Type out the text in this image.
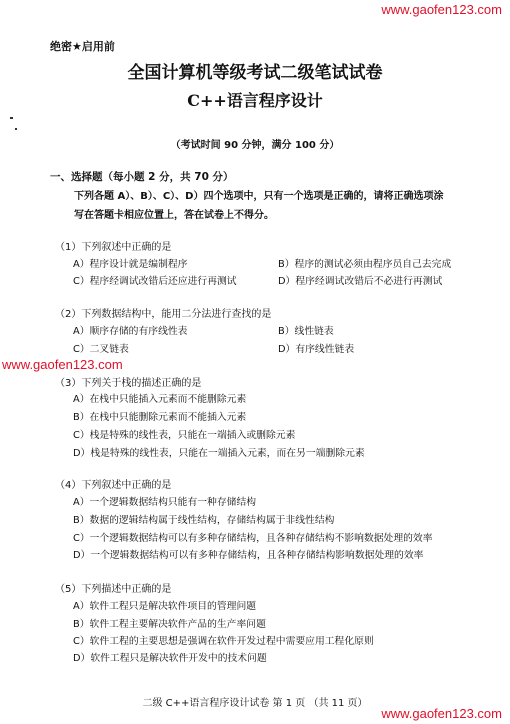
www.gaofen123.com
www.gaofen123.com
www.gaofen123.com
绝密★启用前
全国计算机等级考试二级笔试试卷
C++语言程序设计
（考试时间 90 分钟，满分 100 分）
一、选择题（每小题 2 分，共 70 分）
下列各题 A）、B）、C）、D）四个选项中，只有一个选项是正确的，请将正确选项涂
写在答题卡相应位置上，答在试卷上不得分。
（1）下列叙述中正确的是
A）程序设计就是编制程序	B）程序的测试必须由程序员自己去完成
C）程序经调试改错后还应进行再测试	D）程序经调试改错后不必进行再测试
（2）下列数据结构中，能用二分法进行查找的是
A）顺序存储的有序线性表	B）线性链表
C）二叉链表	D）有序线性链表
（3）下列关于栈的描述正确的是
A）在栈中只能插入元素而不能删除元素
B）在栈中只能删除元素而不能插入元素
C）栈是特殊的线性表，只能在一端插入或删除元素
D）栈是特殊的线性表，只能在一端插入元素，而在另一端删除元素
（4）下列叙述中正确的是
A）一个逻辑数据结构只能有一种存储结构
B）数据的逻辑结构属于线性结构，存储结构属于非线性结构
C）一个逻辑数据结构可以有多种存储结构，且各种存储结构不影响数据处理的效率
D）一个逻辑数据结构可以有多种存储结构，且各种存储结构影响数据处理的效率
（5）下列描述中正确的是
A）软件工程只是解决软件项目的管理问题
B）软件工程主要解决软件产品的生产率问题
C）软件工程的主要思想是强调在软件开发过程中需要应用工程化原则
D）软件工程只是解决软件开发中的技术问题
二级 C++语言程序设计试卷 第 1 页 （共 11 页）
